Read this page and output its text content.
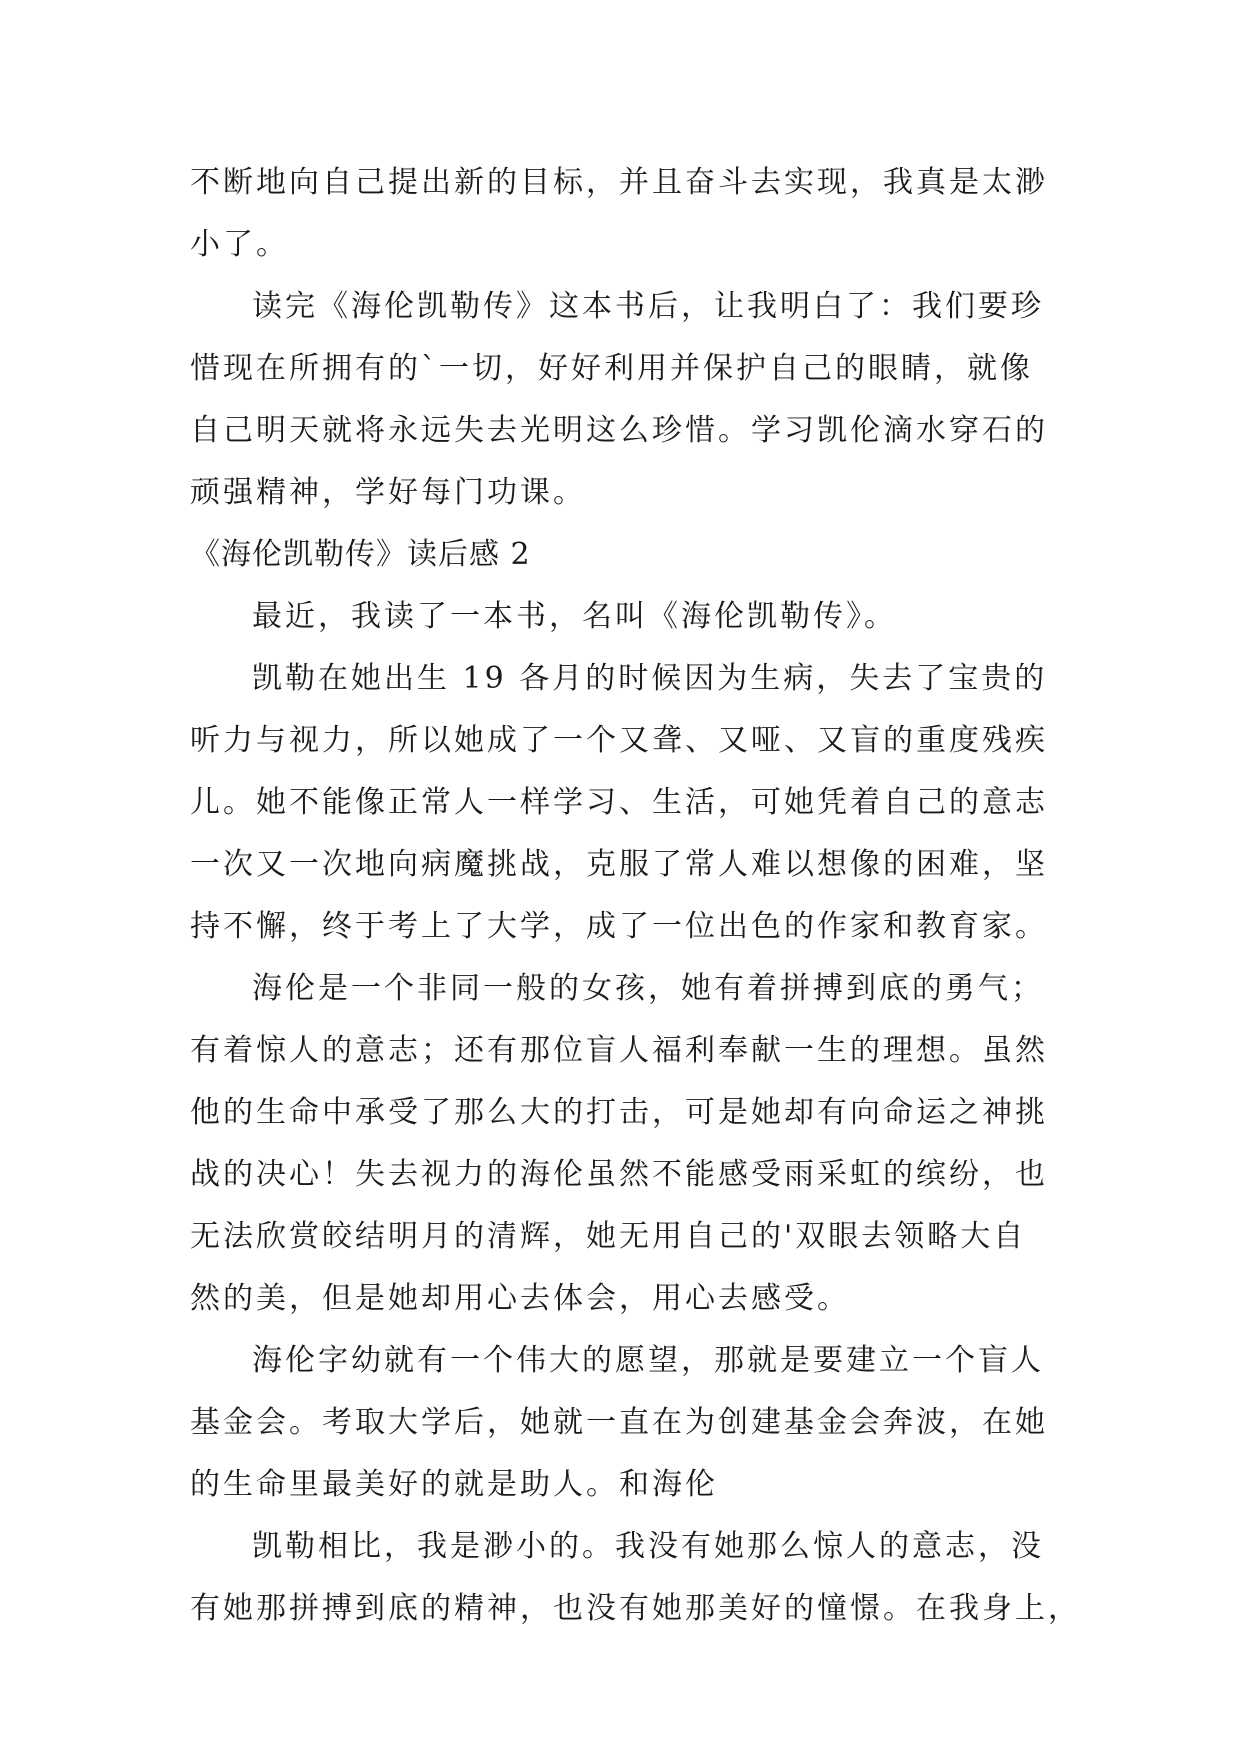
不断地向自己提出新的目标，并且奋斗去实现，我真是太渺
小了。
读完《海伦凯勒传》这本书后，让我明白了：我们要珍
惜现在所拥有的`一切，好好利用并保护自己的眼睛，就像
自己明天就将永远失去光明这么珍惜。学习凯伦滴水穿石的
顽强精神，学好每门功课。
《海伦凯勒传》读后感 2
最近，我读了一本书，名叫《海伦凯勒传》。
凯勒在她出生 19 各月的时候因为生病，失去了宝贵的
听力与视力，所以她成了一个又聋、又哑、又盲的重度残疾
儿。她不能像正常人一样学习、生活，可她凭着自己的意志
一次又一次地向病魔挑战，克服了常人难以想像的困难，坚
持不懈，终于考上了大学，成了一位出色的作家和教育家。
海伦是一个非同一般的女孩，她有着拼搏到底的勇气；
有着惊人的意志；还有那位盲人福利奉献一生的理想。虽然
他的生命中承受了那么大的打击，可是她却有向命运之神挑
战的决心！失去视力的海伦虽然不能感受雨采虹的缤纷，也
无法欣赏皎结明月的清辉，她无用自己的'双眼去领略大自
然的美，但是她却用心去体会，用心去感受。
海伦字幼就有一个伟大的愿望，那就是要建立一个盲人
基金会。考取大学后，她就一直在为创建基金会奔波，在她
的生命里最美好的就是助人。和海伦
凯勒相比，我是渺小的。我没有她那么惊人的意志，没
有她那拼搏到底的精神，也没有她那美好的憧憬。在我身上，
